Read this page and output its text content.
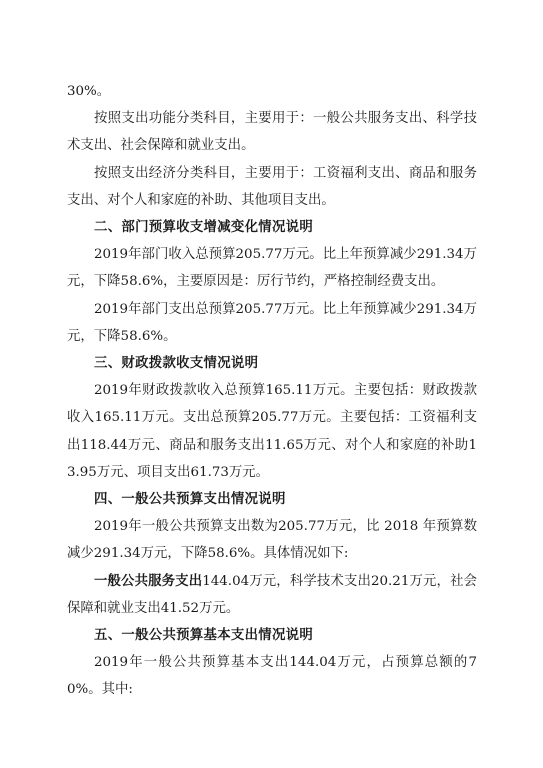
30%。

按照支出功能分类科目，主要用于：一般公共服务支出、科学技术支出、社会保障和就业支出。

按照支出经济分类科目，主要用于：工资福利支出、商品和服务支出、对个人和家庭的补助、其他项目支出。

二、部门预算收支增减变化情况说明

2019年部门收入总预算205.77万元。比上年预算减少291.34万元，下降58.6%，主要原因是：厉行节约，严格控制经费支出。

2019年部门支出总预算205.77万元。比上年预算减少291.34万元，下降58.6%。

三、财政拨款收支情况说明

2019年财政拨款收入总预算165.11万元。主要包括：财政拨款收入165.11万元。支出总预算205.77万元。主要包括：工资福利支出118.44万元、商品和服务支出11.65万元、对个人和家庭的补助13.95万元、项目支出61.73万元。

四、一般公共预算支出情况说明

2019年一般公共预算支出数为205.77万元，比 2018 年预算数减少291.34万元，下降58.6%。具体情况如下:

一般公共服务支出144.04万元，科学技术支出20.21万元，社会保障和就业支出41.52万元。

五、一般公共预算基本支出情况说明

2019年一般公共预算基本支出144.04万元，占预算总额的70%。其中:
